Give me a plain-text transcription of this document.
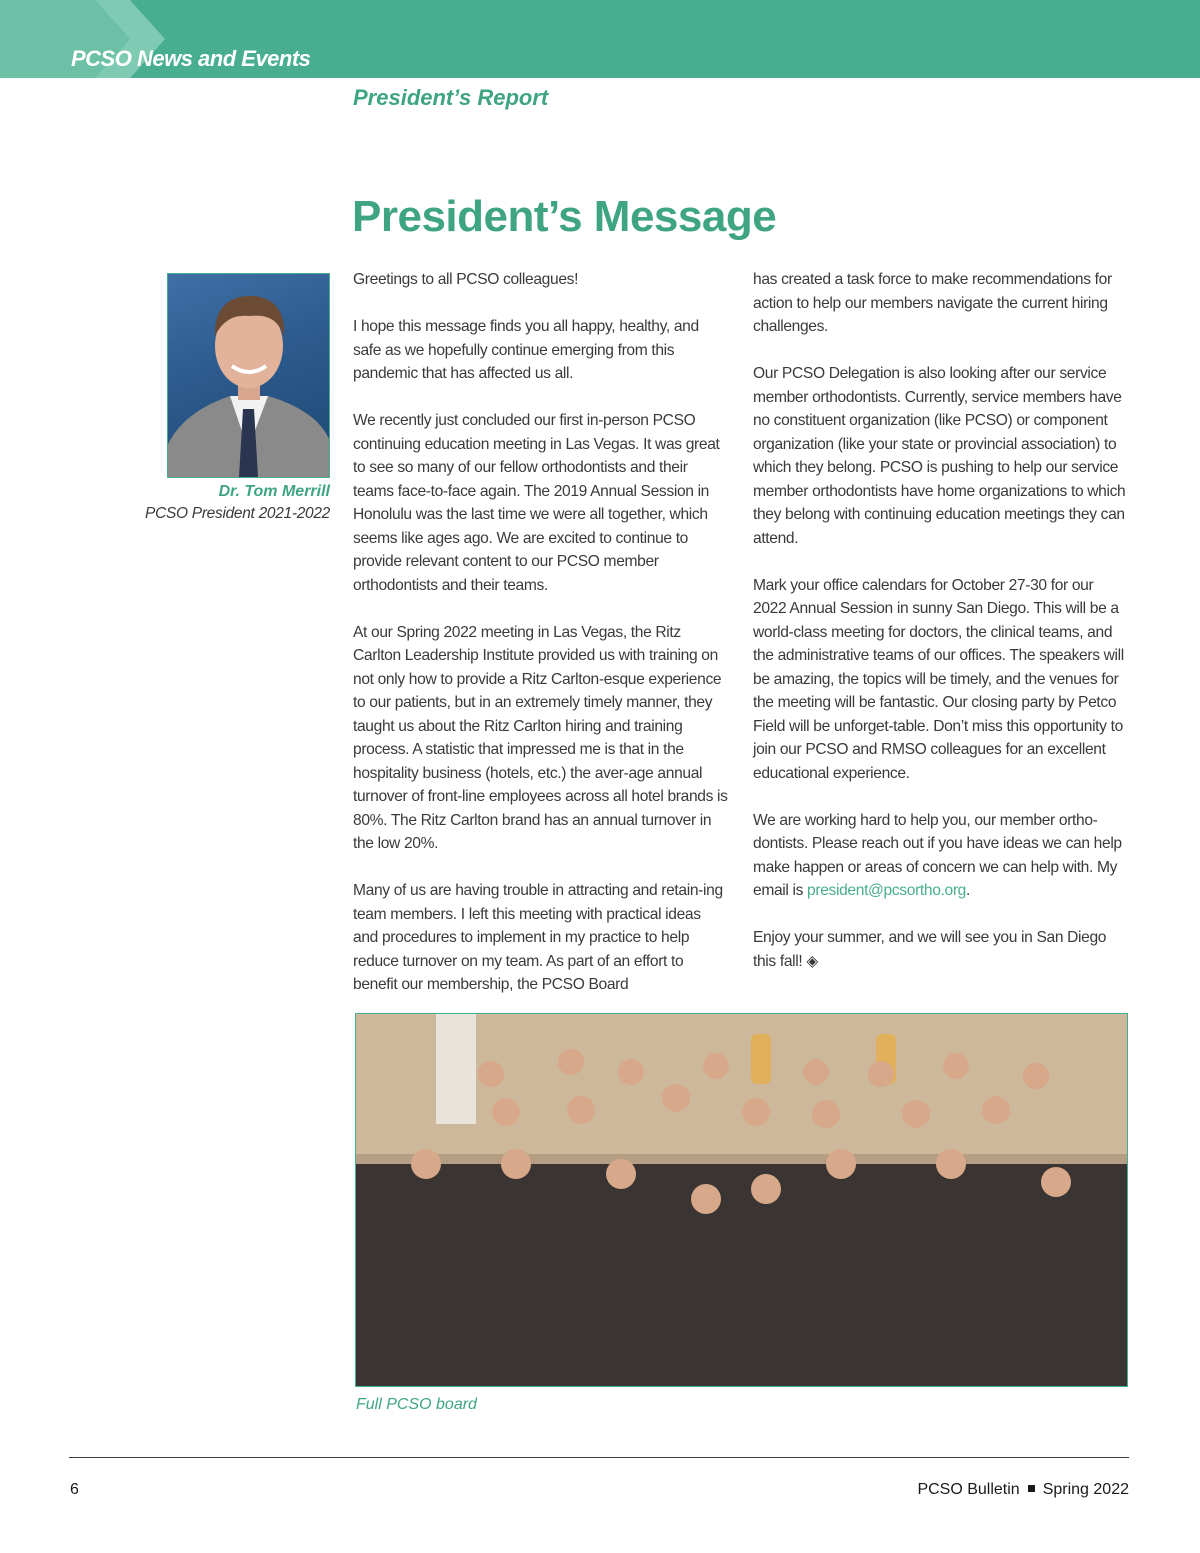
PCSO News and Events
President’s Report
President’s Message
Dr. Tom Merrill
PCSO President 2021-2022

Greetings to all PCSO colleagues!

I hope this message finds you all happy, healthy, and safe as we hopefully continue emerging from this pandemic that has affected us all.

We recently just concluded our first in-person PCSO continuing education meeting in Las Vegas. It was great to see so many of our fellow orthodontists and their teams face-to-face again. The 2019 Annual Session in Honolulu was the last time we were all together, which seems like ages ago. We are excited to continue to provide relevant content to our PCSO member orthodontists and their teams.

At our Spring 2022 meeting in Las Vegas, the Ritz Carlton Leadership Institute provided us with training on not only how to provide a Ritz Carlton-esque experience to our patients, but in an extremely timely manner, they taught us about the Ritz Carlton hiring and training process. A statistic that impressed me is that in the hospitality business (hotels, etc.) the aver-age annual turnover of front-line employees across all hotel brands is 80%. The Ritz Carlton brand has an annual turnover in the low 20%.

Many of us are having trouble in attracting and retain-ing team members. I left this meeting with practical ideas and procedures to implement in my practice to help reduce turnover on my team. As part of an effort to benefit our membership, the PCSO Board

has created a task force to make recommendations for action to help our members navigate the current hiring challenges.

Our PCSO Delegation is also looking after our service member orthodontists. Currently, service members have no constituent organization (like PCSO) or component organization (like your state or provincial association) to which they belong. PCSO is pushing to help our service member orthodontists have home organizations to which they belong with continuing education meetings they can attend.

Mark your office calendars for October 27-30 for our 2022 Annual Session in sunny San Diego. This will be a world-class meeting for doctors, the clinical teams, and the administrative teams of our offices. The speakers will be amazing, the topics will be timely, and the venues for the meeting will be fantastic. Our closing party by Petco Field will be unforget-table. Don’t miss this opportunity to join our PCSO and RMSO colleagues for an excellent educational experience.

We are working hard to help you, our member ortho-dontists. Please reach out if you have ideas we can help make happen or areas of concern we can help with. My email is president@pcsortho.org.

Enjoy your summer, and we will see you in San Diego this fall! ◈

Full PCSO board
6	PCSO Bulletin Spring 2022
